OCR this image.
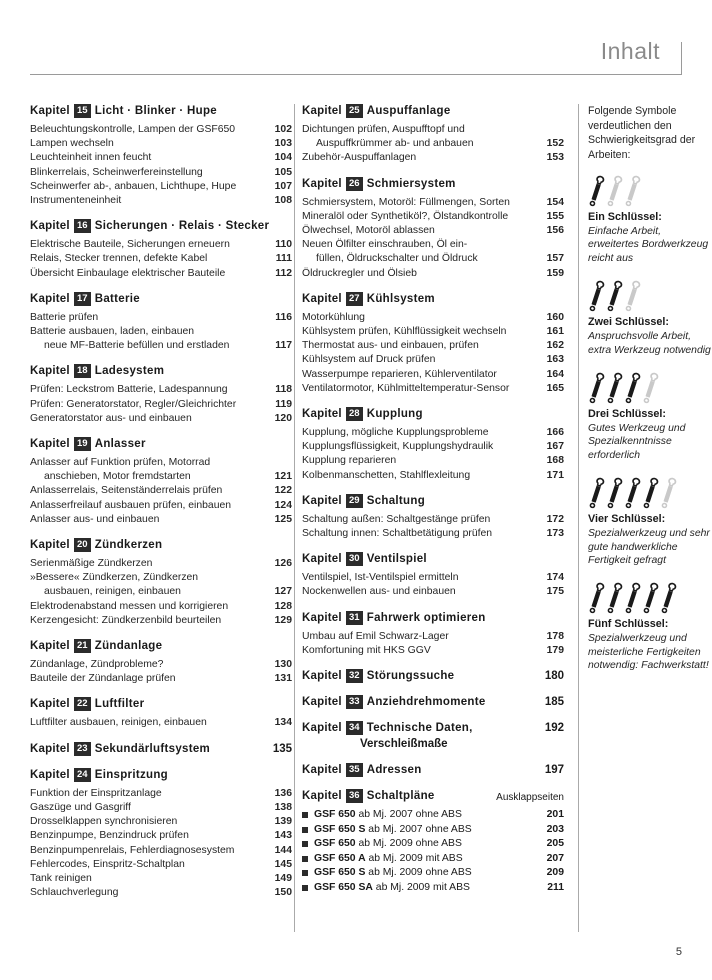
Inhalt
Kapitel 15 Licht · Blinker · Hupe
Beleuchtungskontrolle, Lampen der GSF650	102
Lampen wechseln	103
Leuchteinheit innen feucht	104
Blinkerrelais, Scheinwerfereinstellung	105
Scheinwerfer ab-, anbauen, Lichthupe, Hupe	107
Instrumenteneinheit	108
Kapitel 16 Sicherungen · Relais · Stecker
Elektrische Bauteile, Sicherungen erneuern	110
Relais, Stecker trennen, defekte Kabel	111
Übersicht Einbaulage elektrischer Bauteile	112
Kapitel 17 Batterie
Batterie prüfen	116
Batterie ausbauen, laden, einbauen
neue MF-Batterie befüllen und erstladen	117
Kapitel 18 Ladesystem
Prüfen: Leckstrom Batterie, Ladespannung	118
Prüfen: Generatorstator, Regler/Gleichrichter	119
Generatorstator aus- und einbauen	120
Kapitel 19 Anlasser
Anlasser auf Funktion prüfen, Motorrad
anschieben, Motor fremdstarten	121
Anlasserrelais, Seitenständerrelais prüfen	122
Anlasserfreilauf ausbauen prüfen, einbauen	124
Anlasser aus- und einbauen	125
Kapitel 20 Zündkerzen
Serienmäßige Zündkerzen	126
»Bessere« Zündkerzen, Zündkerzen
ausbauen, reinigen, einbauen	127
Elektrodenabstand messen und korrigieren	128
Kerzengesicht: Zündkerzenbild beurteilen	129
Kapitel 21 Zündanlage
Zündanlage, Zündprobleme?	130
Bauteile der Zündanlage prüfen	131
Kapitel 22 Luftfilter
Luftfilter ausbauen, reinigen, einbauen	134
Kapitel 23 Sekundärluftsystem	135
Kapitel 24 Einspritzung
Funktion der Einspritzanlage	136
Gaszüge und Gasgriff	138
Drosselklappen synchronisieren	139
Benzinpumpe, Benzindruck prüfen	143
Benzinpumpenrelais, Fehlerdiagnosesystem	144
Fehlercodes, Einspritz-Schaltplan	145
Tank reinigen	149
Schlauchverlegung	150
Kapitel 25 Auspuffanlage
Dichtungen prüfen, Auspufftopf und
Auspuffkrümmer ab- und anbauen	152
Zubehör-Auspuffanlagen	153
Kapitel 26 Schmiersystem
Schmiersystem, Motoröl: Füllmengen, Sorten	154
Mineralöl oder Synthetiköl?, Ölstandkontrolle	155
Ölwechsel, Motoröl ablassen	156
Neuen Ölfilter einschrauben, Öl ein-
füllen, Öldruckschalter und Öldruck	157
Öldruckregler und Ölsieb	159
Kapitel 27 Kühlsystem
Motorkühlung	160
Kühlsystem prüfen, Kühlflüssigkeit wechseln	161
Thermostat aus- und einbauen, prüfen	162
Kühlsystem auf Druck prüfen	163
Wasserpumpe reparieren, Kühlerventilator	164
Ventilatormotor, Kühlmitteltemperatur-Sensor	165
Kapitel 28 Kupplung
Kupplung, mögliche Kupplungsprobleme	166
Kupplungsflüssigkeit, Kupplungshydraulik	167
Kupplung reparieren	168
Kolbenmanschetten, Stahlflexleitung	171
Kapitel 29 Schaltung
Schaltung außen: Schaltgestänge prüfen	172
Schaltung innen: Schaltbetätigung prüfen	173
Kapitel 30 Ventilspiel
Ventilspiel, Ist-Ventilspiel ermitteln	174
Nockenwellen aus- und einbauen	175
Kapitel 31 Fahrwerk optimieren
Umbau auf Emil Schwarz-Lager	178
Komfortuning mit HKS GGV	179
Kapitel 32 Störungssuche	180
Kapitel 33 Anziehdrehmomente	185
Kapitel 34 Technische Daten,	192
Verschleißmaße
Kapitel 35 Adressen	197
Kapitel 36 Schaltpläne	Ausklappseiten
GSF 650 ab Mj. 2007 ohne ABS	201
GSF 650 S ab Mj. 2007 ohne ABS	203
GSF 650 ab Mj. 2009 ohne ABS	205
GSF 650 A ab Mj. 2009 mit ABS	207
GSF 650 S ab Mj. 2009 ohne ABS	209
GSF 650 SA ab Mj. 2009 mit ABS	211
Folgende Symbole verdeutlichen den Schwierigkeitsgrad der Arbeiten:
Ein Schlüssel:
Einfache Arbeit, erweitertes Bordwerkzeug reicht aus
Zwei Schlüssel:
Anspruchsvolle Arbeit, extra Werkzeug notwendig
Drei Schlüssel:
Gutes Werkzeug und Spezialkenntnisse erforderlich
Vier Schlüssel:
Spezialwerkzeug und sehr gute handwerkliche Fertigkeit gefragt
Fünf Schlüssel:
Spezialwerkzeug und meisterliche Fertigkeiten notwendig: Fachwerkstatt!
5
